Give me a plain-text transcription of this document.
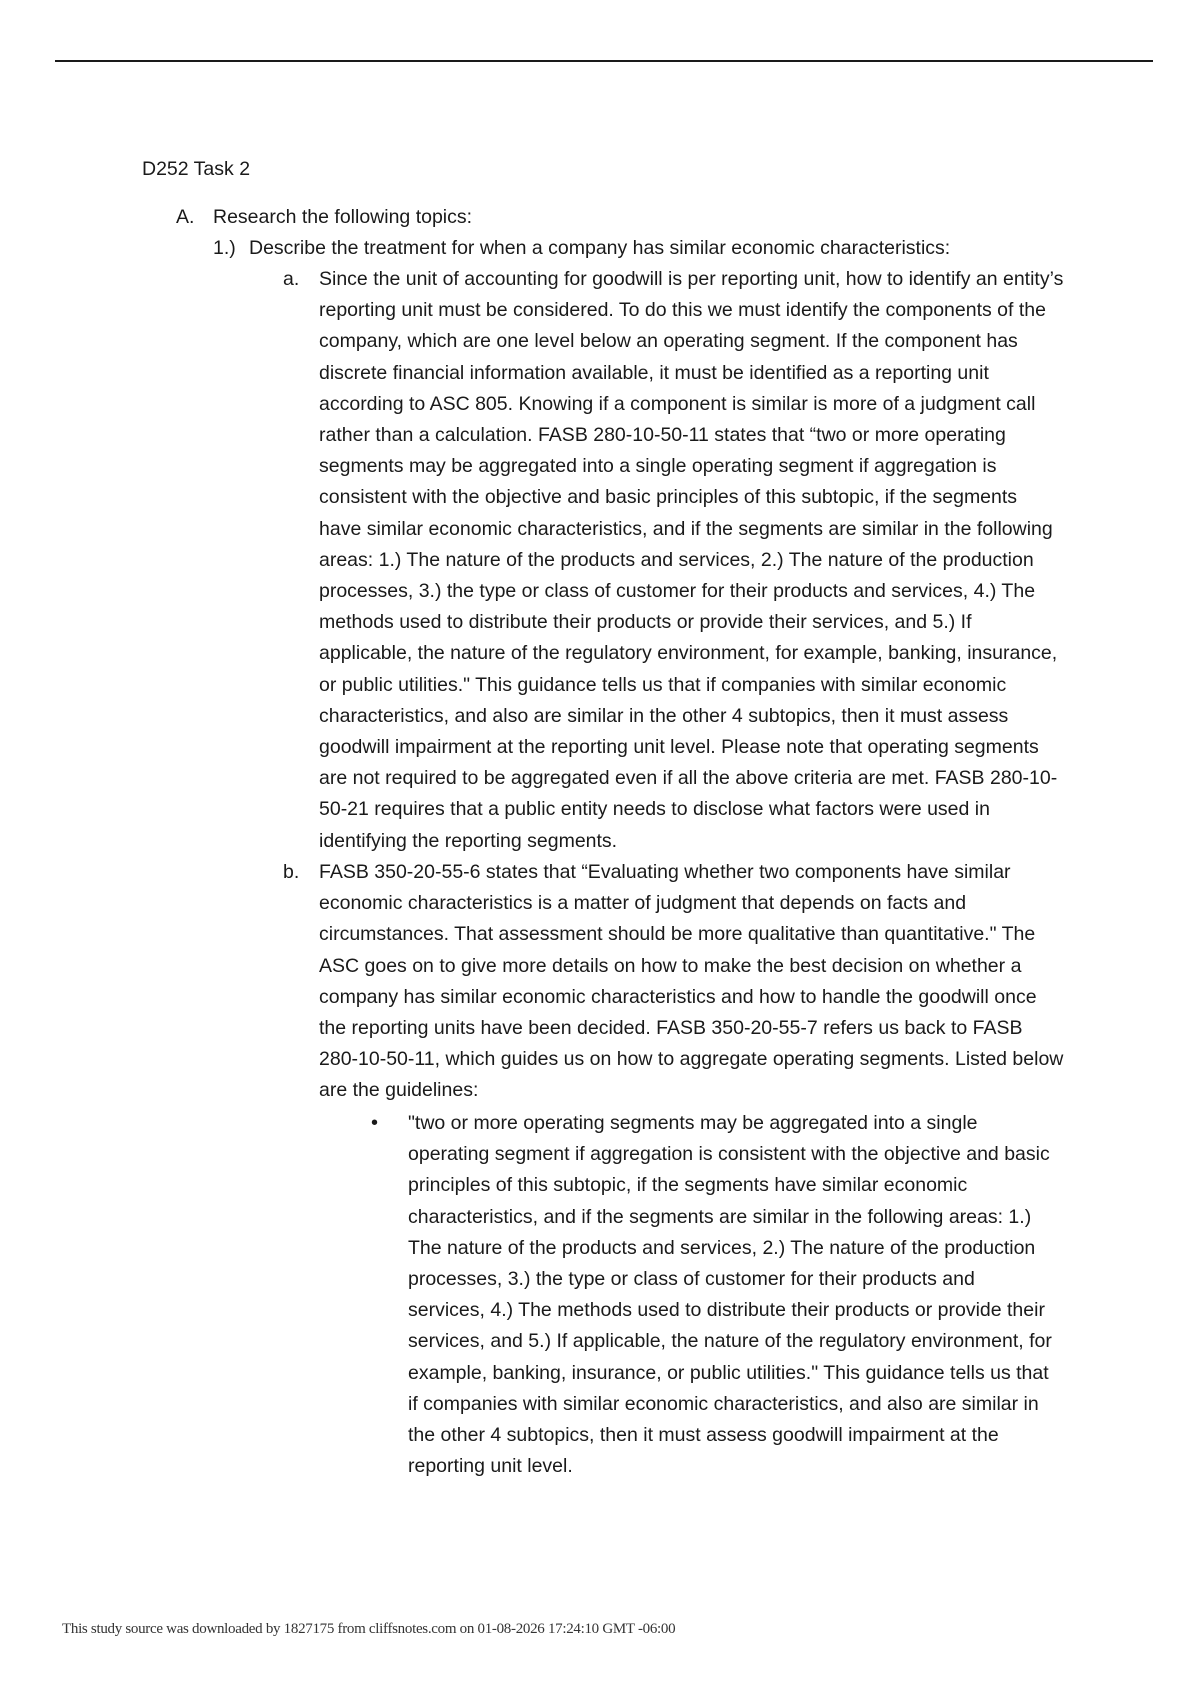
D252 Task 2
A. Research the following topics:
1.) Describe the treatment for when a company has similar economic characteristics:
a. Since the unit of accounting for goodwill is per reporting unit, how to identify an entity’s reporting unit must be considered. To do this we must identify the components of the company, which are one level below an operating segment. If the component has discrete financial information available, it must be identified as a reporting unit according to ASC 805. Knowing if a component is similar is more of a judgment call rather than a calculation. FASB 280-10-50-11 states that “two or more operating segments may be aggregated into a single operating segment if aggregation is consistent with the objective and basic principles of this subtopic, if the segments have similar economic characteristics, and if the segments are similar in the following areas: 1.) The nature of the products and services, 2.) The nature of the production processes, 3.) the type or class of customer for their products and services, 4.) The methods used to distribute their products or provide their services, and 5.) If applicable, the nature of the regulatory environment, for example, banking, insurance, or public utilities." This guidance tells us that if companies with similar economic characteristics, and also are similar in the other 4 subtopics, then it must assess goodwill impairment at the reporting unit level. Please note that operating segments are not required to be aggregated even if all the above criteria are met. FASB 280-10-50-21 requires that a public entity needs to disclose what factors were used in identifying the reporting segments.
b. FASB 350-20-55-6 states that “Evaluating whether two components have similar economic characteristics is a matter of judgment that depends on facts and circumstances. That assessment should be more qualitative than quantitative." The ASC goes on to give more details on how to make the best decision on whether a company has similar economic characteristics and how to handle the goodwill once the reporting units have been decided. FASB 350-20-55-7 refers us back to FASB 280-10-50-11, which guides us on how to aggregate operating segments. Listed below are the guidelines:
• "two or more operating segments may be aggregated into a single operating segment if aggregation is consistent with the objective and basic principles of this subtopic, if the segments have similar economic characteristics, and if the segments are similar in the following areas: 1.) The nature of the products and services, 2.) The nature of the production processes, 3.) the type or class of customer for their products and services, 4.) The methods used to distribute their products or provide their services, and 5.) If applicable, the nature of the regulatory environment, for example, banking, insurance, or public utilities." This guidance tells us that if companies with similar economic characteristics, and also are similar in the other 4 subtopics, then it must assess goodwill impairment at the reporting unit level.
This study source was downloaded by 1827175 from cliffsnotes.com on 01-08-2026 17:24:10 GMT -06:00
